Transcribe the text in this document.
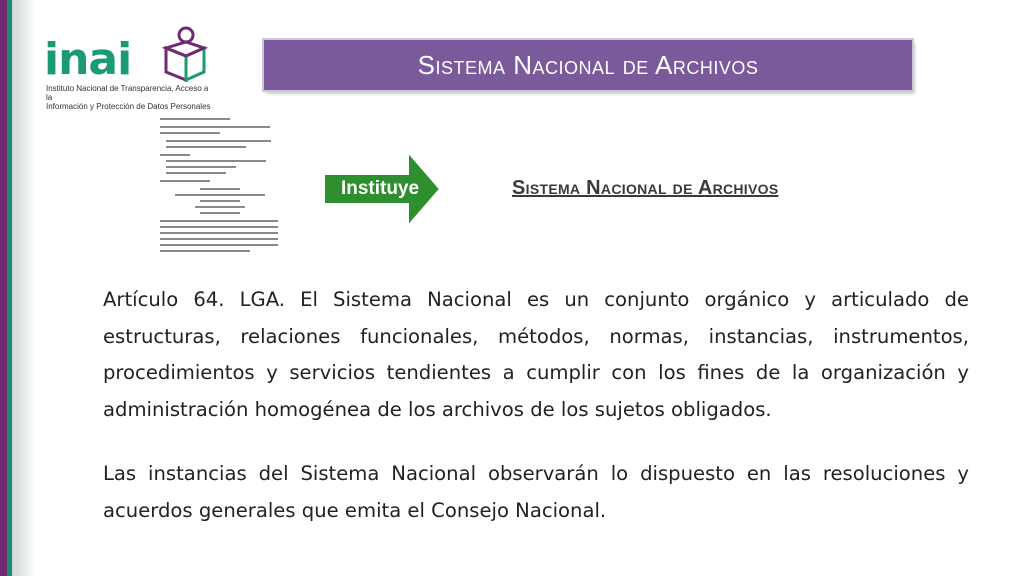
inai
Instituto Nacional de Transparencia, Acceso a la
Información y Protección de Datos Personales
Sistema Nacional de Archivos
Instituye	Sistema Nacional de Archivos
Artículo 64. LGA. El Sistema Nacional es un conjunto orgánico y articulado de estructuras, relaciones funcionales, métodos, normas, instancias, instrumentos, procedimientos y servicios tendientes a cumplir con los fines de la organización y administración homogénea de los archivos de los sujetos obligados.
Las instancias del Sistema Nacional observarán lo dispuesto en las resoluciones y acuerdos generales que emita el Consejo Nacional.
